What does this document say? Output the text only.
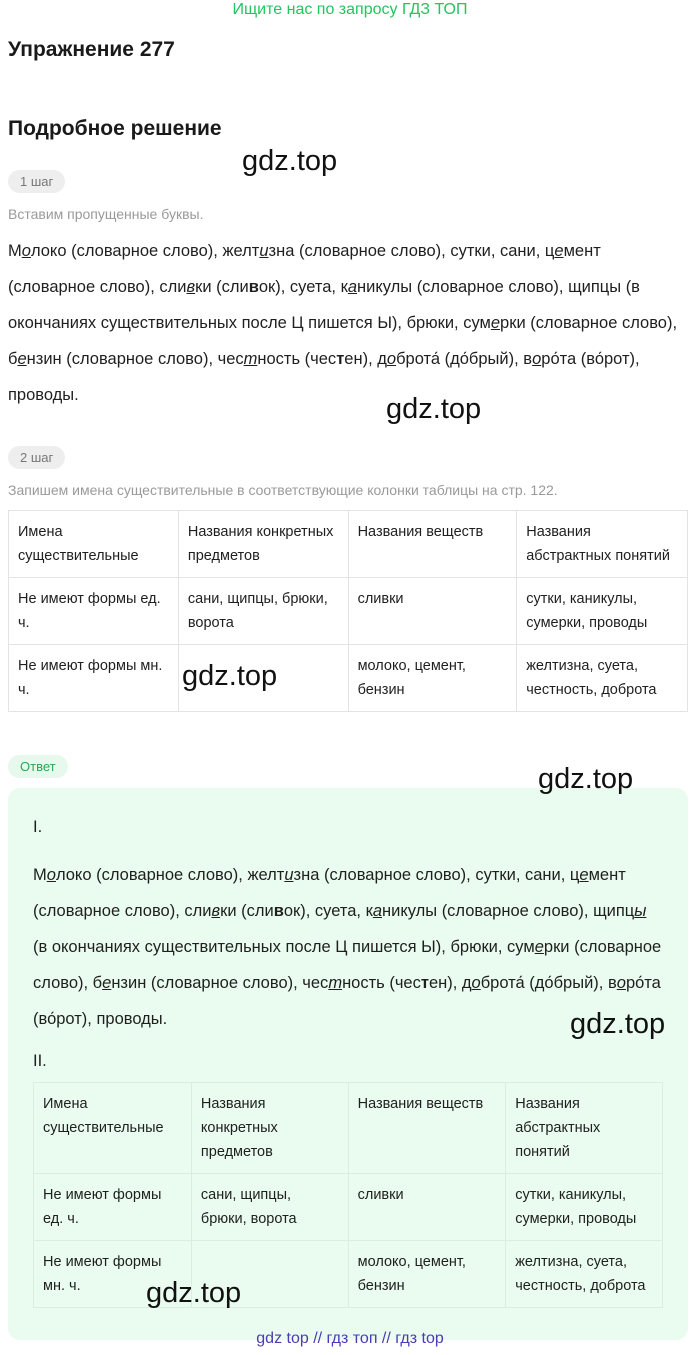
Ищите нас по запросу ГДЗ ТОП
Упражнение 277
Подробное решение
gdz.top
1 шаг
Вставим пропущенные буквы.
Молоко (словарное слово), желтизна (словарное слово), сутки, сани, цемент (словарное слово), сливки (сливок), суета, каникулы (словарное слово), щипцы (в окончаниях существительных после Ц пишется Ы), брюки, сумерки (словарное слово), бензин (словарное слово), честность (честен), доброта́ (до́брый), воро́та (во́рот), проводы.	gdz.top
2 шаг
Запишем имена существительные в соответствующие колонки таблицы на стр. 122.
Имена существительные	Названия конкретных предметов	Названия веществ	Названия абстрактных понятий
Не имеют формы ед. ч.	сани, щипцы, брюки, ворота	сливки	сутки, каникулы, сумерки, проводы
Не имеют формы мн. ч.		молоко, цемент, бензин	желтизна, суета, честность, доброта
gdz.top
Ответ	gdz.top
I.
Молоко (словарное слово), желтизна (словарное слово), сутки, сани, цемент (словарное слово), сливки (сливок), суета, каникулы (словарное слово), щипцы (в окончаниях существительных после Ц пишется Ы), брюки, сумерки (словарное слово), бензин (словарное слово), честность (честен), доброта́ (до́брый), воро́та (во́рот), проводы.	gdz.top
II.
Имена существительные	Названия конкретных предметов	Названия веществ	Названия абстрактных понятий
Не имеют формы ед. ч.	сани, щипцы, брюки, ворота	сливки	сутки, каникулы, сумерки, проводы
Не имеют формы мн. ч.		молоко, цемент, бензин	желтизна, суета, честность, доброта
gdz.top
gdz top // гдз топ // гдз top
